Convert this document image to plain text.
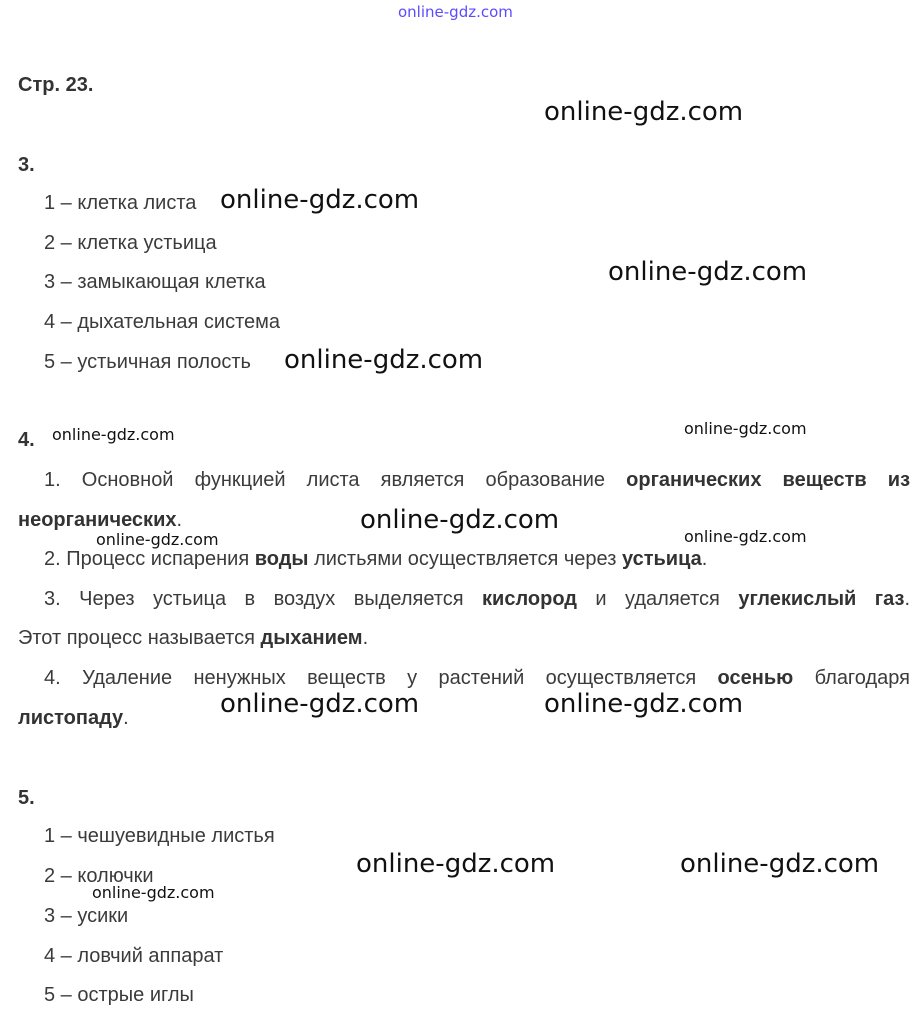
online-gdz.com
Стр. 23.
online-gdz.com
3.
1 – клетка листа online-gdz.com
2 – клетка устьица
online-gdz.com
3 – замыкающая клетка
4 – дыхательная система
5 – устьичная полость online-gdz.com
4. online-gdz.com	online-gdz.com
1. Основной функцией листа является образование органических веществ из
неорганических.	online-gdz.com
online-gdz.com	online-gdz.com
2. Процесс испарения воды листьями осуществляется через устьица.
3. Через устьица в воздух выделяется кислород и удаляется углекислый газ.
Этот процесс называется дыханием.
4. Удаление ненужных веществ у растений осуществляется осенью благодаря
листопаду.	online-gdz.com	online-gdz.com
5.
1 – чешуевидные листья
online-gdz.com	online-gdz.com
2 – колючки
online-gdz.com
3 – усики
4 – ловчий аппарат
5 – острые иглы
